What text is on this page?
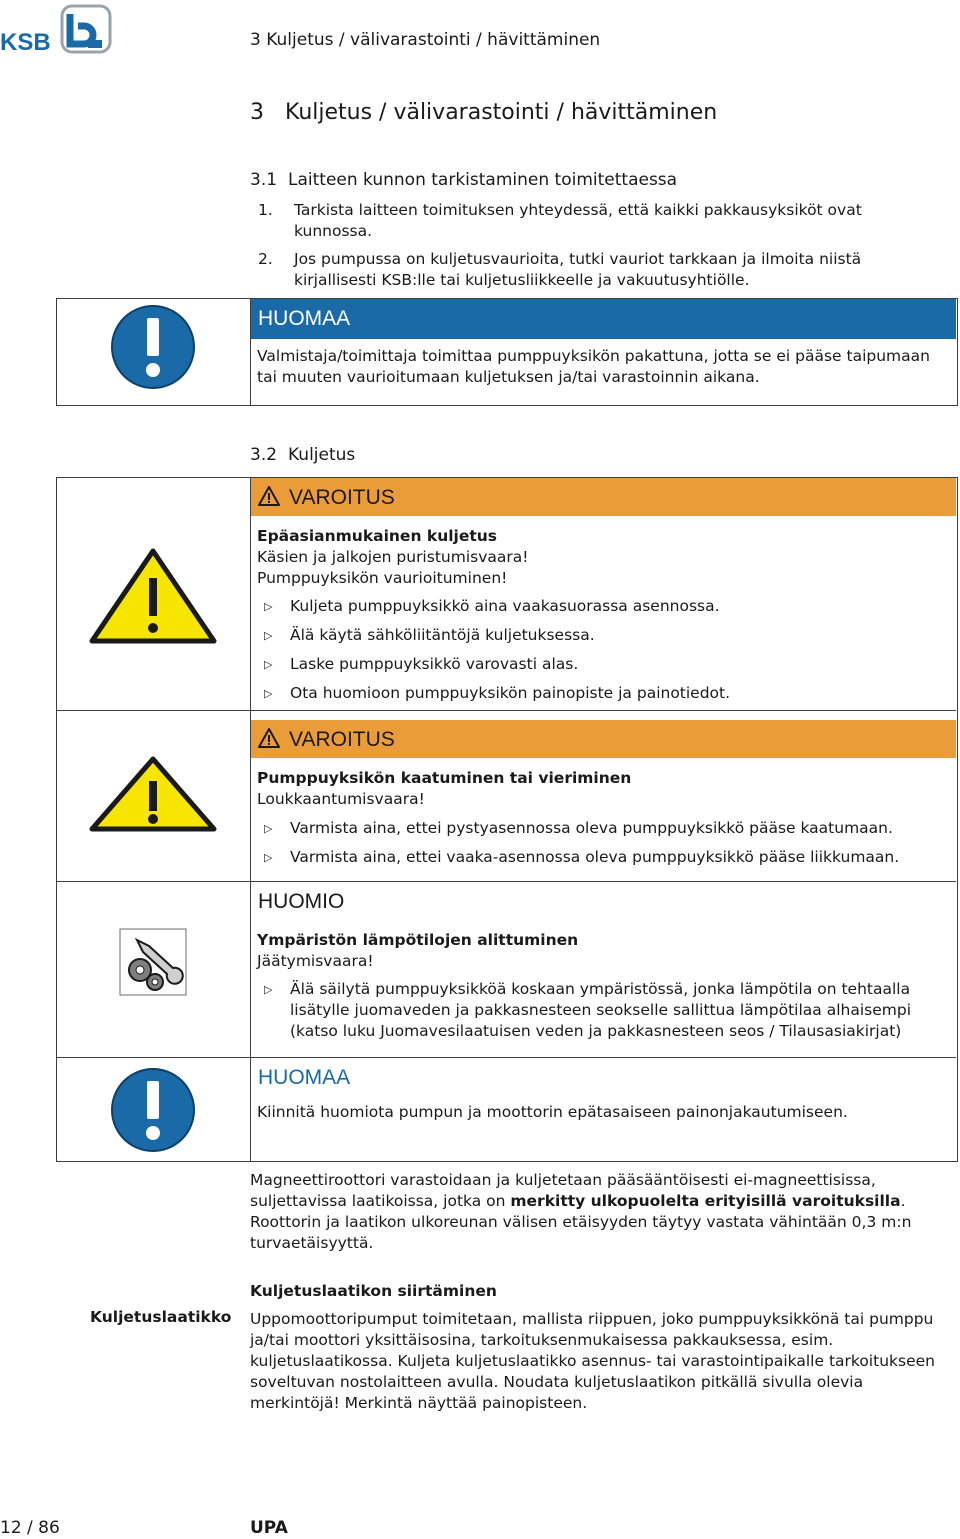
KSB	3 Kuljetus / välivarastointi / hävittäminen
3 Kuljetus / välivarastointi / hävittäminen
3.1 Laitteen kunnon tarkistaminen toimitettaessa
1. Tarkista laitteen toimituksen yhteydessä, että kaikki pakkausyksiköt ovat kunnossa.
2. Jos pumpussa on kuljetusvaurioita, tutki vauriot tarkkaan ja ilmoita niistä kirjallisesti KSB:lle tai kuljetusliikkeelle ja vakuutusyhtiölle.
HUOMAA
Valmistaja/toimittaja toimittaa pumppuyksikön pakattuna, jotta se ei pääse taipumaan tai muuten vaurioitumaan kuljetuksen ja/tai varastoinnin aikana.
3.2 Kuljetus
VAROITUS
Epäasianmukainen kuljetus
Käsien ja jalkojen puristumisvaara!
Pumppuyksikön vaurioituminen!
▷ Kuljeta pumppuyksikkö aina vaakasuorassa asennossa.
▷ Älä käytä sähköliitäntöjä kuljetuksessa.
▷ Laske pumppuyksikkö varovasti alas.
▷ Ota huomioon pumppuyksikön painopiste ja painotiedot.
VAROITUS
Pumppuyksikön kaatuminen tai vieriminen
Loukkaantumisvaara!
▷ Varmista aina, ettei pystyasennossa oleva pumppuyksikkö pääse kaatumaan.
▷ Varmista aina, ettei vaaka-asennossa oleva pumppuyksikkö pääse liikkumaan.
HUOMIO
Ympäristön lämpötilojen alittuminen
Jäätymisvaara!
▷ Älä säilytä pumppuyksikköä koskaan ympäristössä, jonka lämpötila on tehtaalla lisätylle juomaveden ja pakkasnesteen seokselle sallittua lämpötilaa alhaisempi (katso luku Juomavesilaatuisen veden ja pakkasnesteen seos / Tilausasiakirjat)
HUOMAA
Kiinnitä huomiota pumpun ja moottorin epätasaiseen painonjakautumiseen.
Magneettiroottori varastoidaan ja kuljetetaan pääsääntöisesti ei-magneettisissa, suljettavissa laatikoissa, jotka on merkitty ulkopuolelta erityisillä varoituksilla. Roottorin ja laatikon ulkoreunan välisen etäisyyden täytyy vastata vähintään 0,3 m:n turvaetäisyyttä.
Kuljetuslaatikon siirtäminen
Kuljetuslaatikko Uppomoottoripumput toimitetaan, mallista riippuen, joko pumppuyksikkönä tai pumppu ja/tai moottori yksittäisosina, tarkoituksenmukaisessa pakkauksessa, esim. kuljetuslaatikossa. Kuljeta kuljetuslaatikko asennus- tai varastointipaikalle tarkoitukseen soveltuvan nostolaitteen avulla. Noudata kuljetuslaatikon pitkällä sivulla olevia merkintöjä! Merkintä näyttää painopisteen.
12 / 86	UPA
